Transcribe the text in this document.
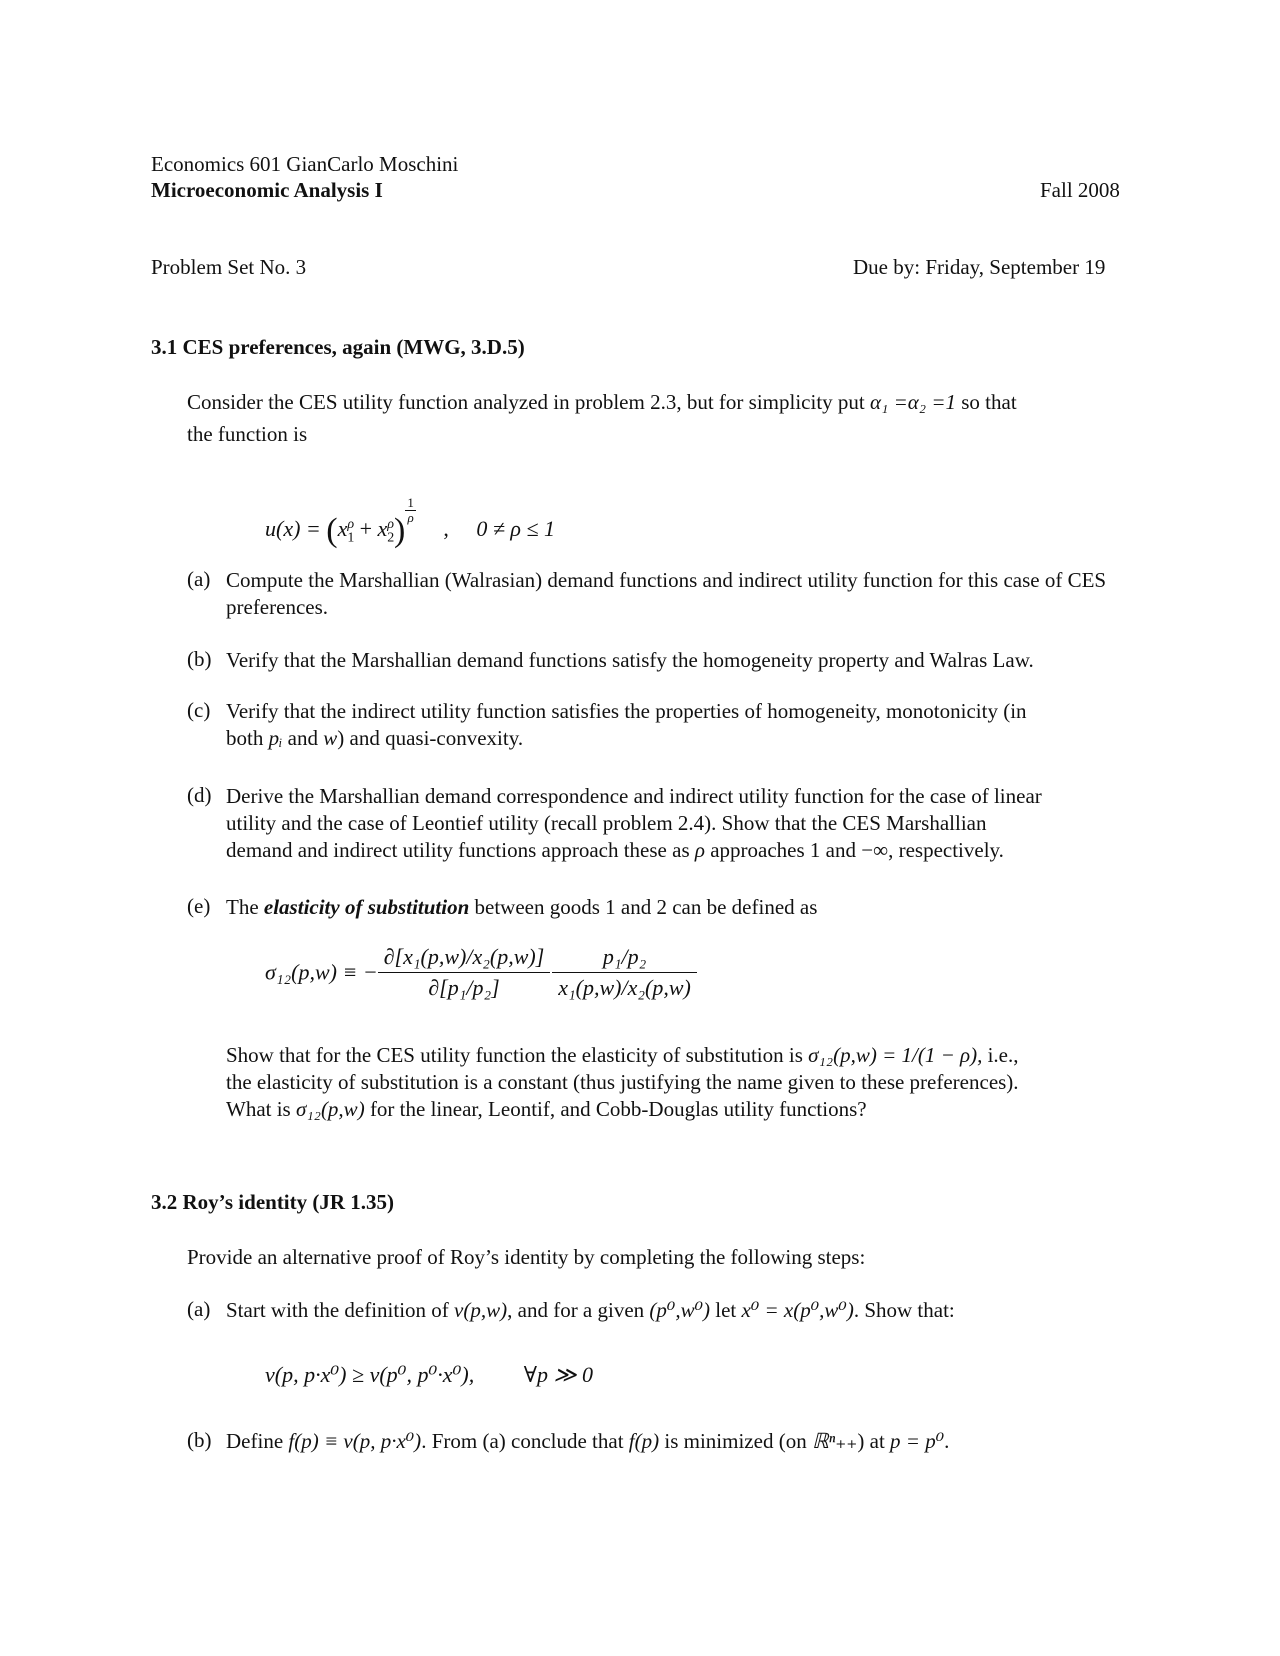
Economics 601 GianCarlo Moschini
Microeconomic Analysis I	Fall 2008
Problem Set No. 3	Due by: Friday, September 19
3.1 CES preferences, again (MWG, 3.D.5)
Consider the CES utility function analyzed in problem 2.3, but for simplicity put α₁ =α₂ =1 so that
the function is
$u(x) = (x_1^\rho + x_2^\rho)$
$\frac{1}{\rho}$
, 0 ≠ ρ ≤ 1
(a) Compute the Marshallian (Walrasian) demand functions and indirect utility function for this case of CES preferences.
(b) Verify that the Marshallian demand functions satisfy the homogeneity property and Walras Law.
(c) Verify that the indirect utility function satisfies the properties of homogeneity, monotonicity (in
both pᵢ and w) and quasi-convexity.
(d) Derive the Marshallian demand correspondence and indirect utility function for the case of linear
utility and the case of Leontief utility (recall problem 2.4). Show that the CES Marshallian
demand and indirect utility functions approach these as ρ approaches 1 and −∞, respectively.
(e) The elasticity of substitution between goods 1 and 2 can be defined as
σ₁₂(p,w) ≡ − $\frac{\text{∂[x₁(p,w)/x₂(p,w)]}}{\text{∂[p₁/p₂]}} \frac{\text{p₁/p₂}}{\text{x₁(p,w)/x₂(p,w)}}$
Show that for the CES utility function the elasticity of substitution is σ₁₂(p,w) = 1/(1 − ρ), i.e.,
the elasticity of substitution is a constant (thus justifying the name given to these preferences).
What is σ₁₂(p,w) for the linear, Leontif, and Cobb-Douglas utility functions?
3.2 Roy’s identity (JR 1.35)
Provide an alternative proof of Roy’s identity by completing the following steps:
(a) Start with the definition of v(p,w), and for a given (p⁰,w⁰) let x⁰ = x(p⁰,w⁰). Show that:
v(p, p·x⁰) ≥ v(p⁰, p⁰·x⁰), ∀p ≫ 0
(b) Define f(p) ≡ v(p, p·x⁰). From (a) conclude that f(p) is minimized (on ℝⁿ₊₊) at p = p⁰.
